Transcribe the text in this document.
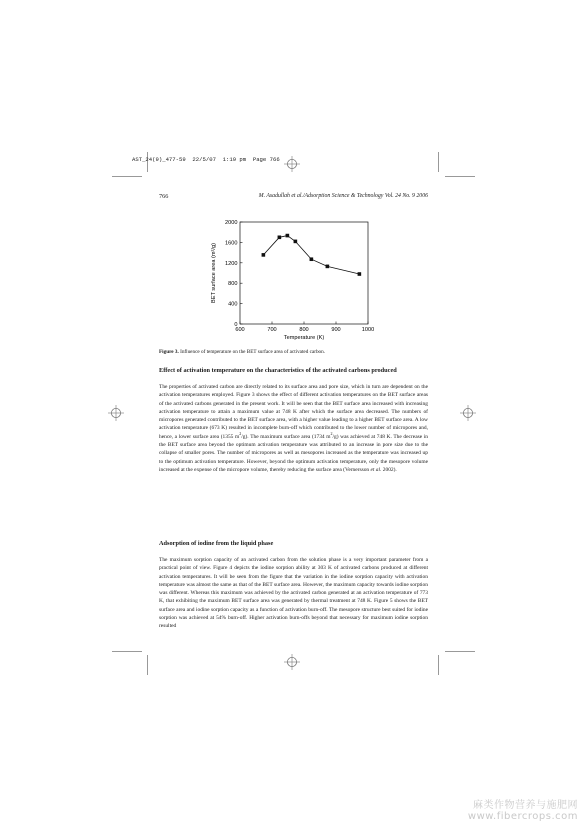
AST_24(9)_477-59  22/5/07  1:19 pm  Page 766
766	M. Asadullah et al./Adsorption Science & Technology Vol. 24 No. 9 2006
600	700	800	900	1000
0
400
800
1200
1600
2000
Temperature (K)
BET surface area (m²/g)
Figure 3. Influence of temperature on the BET surface area of activated carbon.
Effect of activation temperature on the characteristics of the activated carbons produced
The properties of activated carbon are directly related to its surface area and pore size, which in turn are dependent on the activation temperatures employed. Figure 3 shows the effect of different activation temperatures on the BET surface areas of the activated carbons generated in the present work. It will be seen that the BET surface area increased with increasing activation temperature to attain a maximum value at 748 K after which the surface area decreased. The numbers of micropores generated contributed to the BET surface area, with a higher value leading to a higher BET surface area. A low activation temperature (673 K) resulted in incomplete burn-off which contributed to the lower number of micropores and, hence, a lower surface area (1355 $m^2/g$). The maximum surface area (1734 $m^2/g$) was achieved at 748 K. The decrease in the BET surface area beyond the optimum activation temperature was attributed to an increase in pore size due to the collapse of smaller pores. The number of micropores as well as mesopores increased as the temperature was increased up to the optimum activation temperature. However, beyond the optimum activation temperature, only the mesopore volume increased at the expense of the micropore volume, thereby reducing the surface area (Vernersson et al. 2002).
Adsorption of iodine from the liquid phase
The maximum sorption capacity of an activated carbon from the solution phase is a very important parameter from a practical point of view. Figure 4 depicts the iodine sorption ability at 303 K of activated carbons produced at different activation temperatures. It will be seen from the figure that the variation in the iodine sorption capacity with activation temperature was almost the same as that of the BET surface area. However, the maximum capacity towards iodine sorption was different. Whereas this maximum was achieved by the activated carbon generated at an activation temperature of 773 K, that exhibiting the maximum BET surface area was generated by thermal treatment at 748 K. Figure 5 shows the BET surface area and iodine sorption capacity as a function of activation burn-off. The mesopore structure best suited for iodine sorption was achieved at 54% burn-off. Higher activation burn-offs beyond that necessary for maximum iodine sorption resulted
麻类作物营养与施肥网
www.fibercrops.com
